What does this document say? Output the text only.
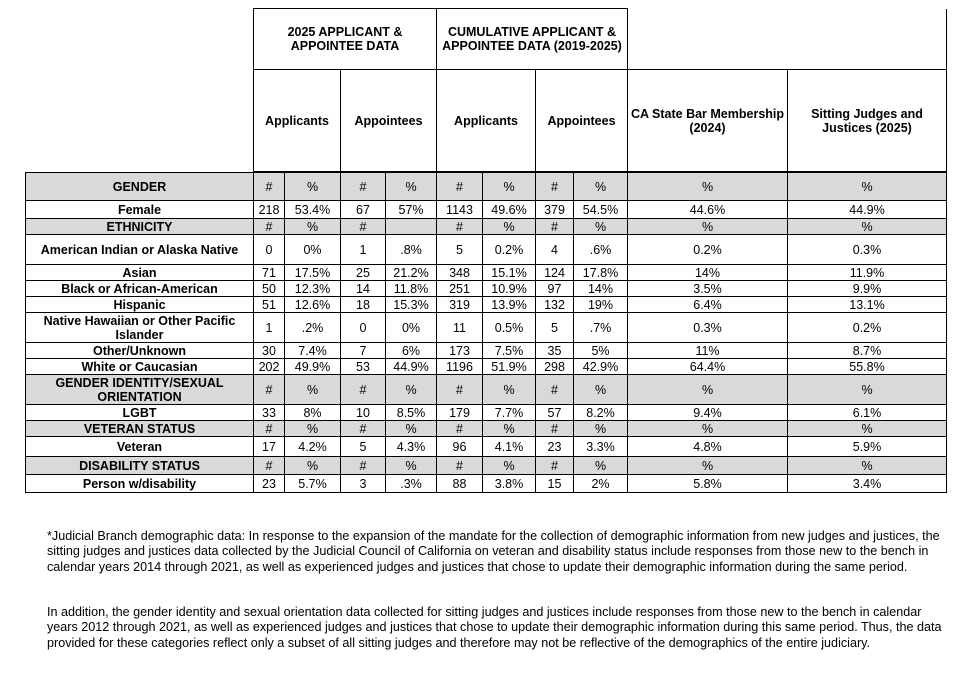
2025 APPLICANT & APPOINTEE DATA		CUMULATIVE APPLICANT & APPOINTEE DATA (2019-2025)			
Applicants	Appointees	Applicants	Appointees	CA State Bar Membership (2024)	Sitting Judges and Justices (2025)
GENDER	#	%	#	%	#	%	#	%	%	%
Female	218	53.4%	67	57%	1143	49.6%	379	54.5%	44.6%	44.9%
ETHNICITY	#	%	#		#	%	#	%	%	%
American Indian or Alaska Native	0	0%	1	.8%	5	0.2%	4	.6%	0.2%	0.3%
Asian	71	17.5%	25	21.2%	348	15.1%	124	17.8%	14%	11.9%
Black or African-American	50	12.3%	14	11.8%	251	10.9%	97	14%	3.5%	9.9%
Hispanic	51	12.6%	18	15.3%	319	13.9%	132	19%	6.4%	13.1%
Native Hawaiian or Other Pacific Islander	1	.2%	0	0%	11	0.5%	5	.7%	0.3%	0.2%
Other/Unknown	30	7.4%	7	6%	173	7.5%	35	5%	11%	8.7%
White or Caucasian	202	49.9%	53	44.9%	1196	51.9%	298	42.9%	64.4%	55.8%
GENDER IDENTITY/SEXUAL ORIENTATION	#	%	#	%	#	%	#	%	%	%
LGBT	33	8%	10	8.5%	179	7.7%	57	8.2%	9.4%	6.1%
VETERAN STATUS	#	%	#	%	#	%	#	%	%	%
Veteran	17	4.2%	5	4.3%	96	4.1%	23	3.3%	4.8%	5.9%
DISABILITY STATUS	#	%	#	%	#	%	#	%	%	%
Person w/disability	23	5.7%	3	.3%	88	3.8%	15	2%	5.8%	3.4%
*Judicial Branch demographic data: In response to the expansion of the mandate for the collection of demographic information from new judges and justices, the sitting judges and justices data collected by the Judicial Council of California on veteran and disability status include responses from those new to the bench in calendar years 2014 through 2021, as well as experienced judges and justices that chose to update their demographic information during the same period.
In addition, the gender identity and sexual orientation data collected for sitting judges and justices include responses from those new to the bench in calendar years 2012 through 2021, as well as experienced judges and justices that chose to update their demographic information during this same period. Thus, the data provided for these categories reflect only a subset of all sitting judges and therefore may not be reflective of the demographics of the entire judiciary.
